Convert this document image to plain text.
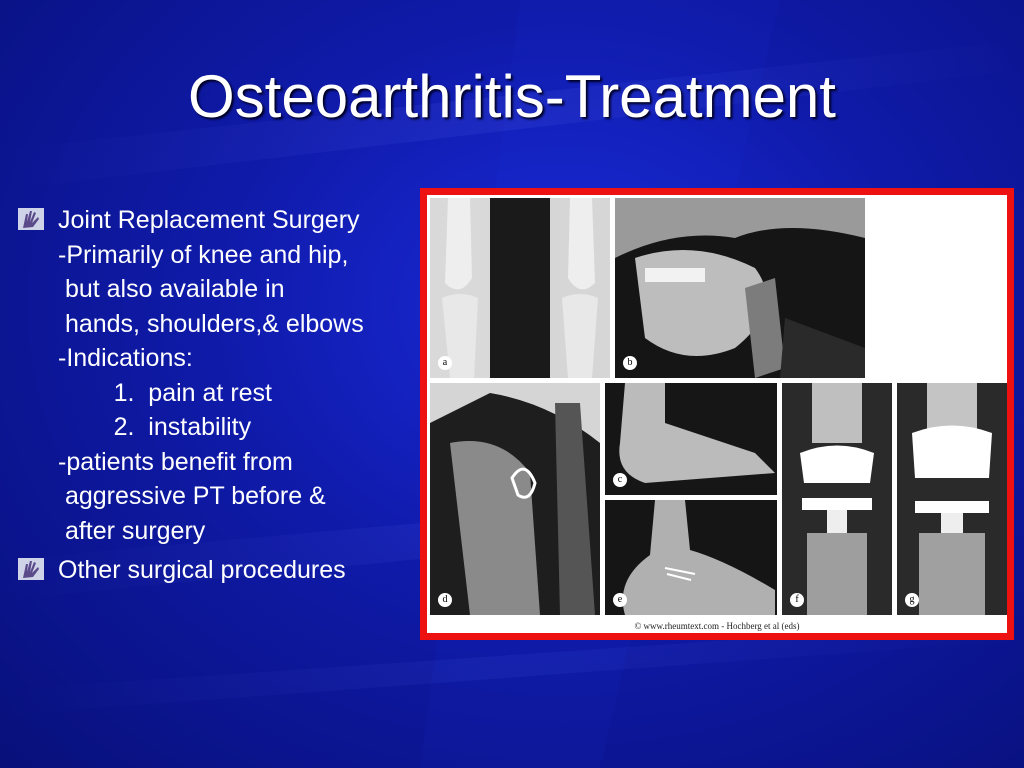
Osteoarthritis-Treatment
Joint Replacement Surgery
-Primarily of knee and hip,
but also available in
hands, shoulders,& elbows
-Indications:
1.  pain at rest
2.  instability
-patients benefit from
aggressive PT before &
after surgery
Other surgical procedures
a	b
d
c
e	f	g
© www.rheumtext.com - Hochberg et al (eds)
